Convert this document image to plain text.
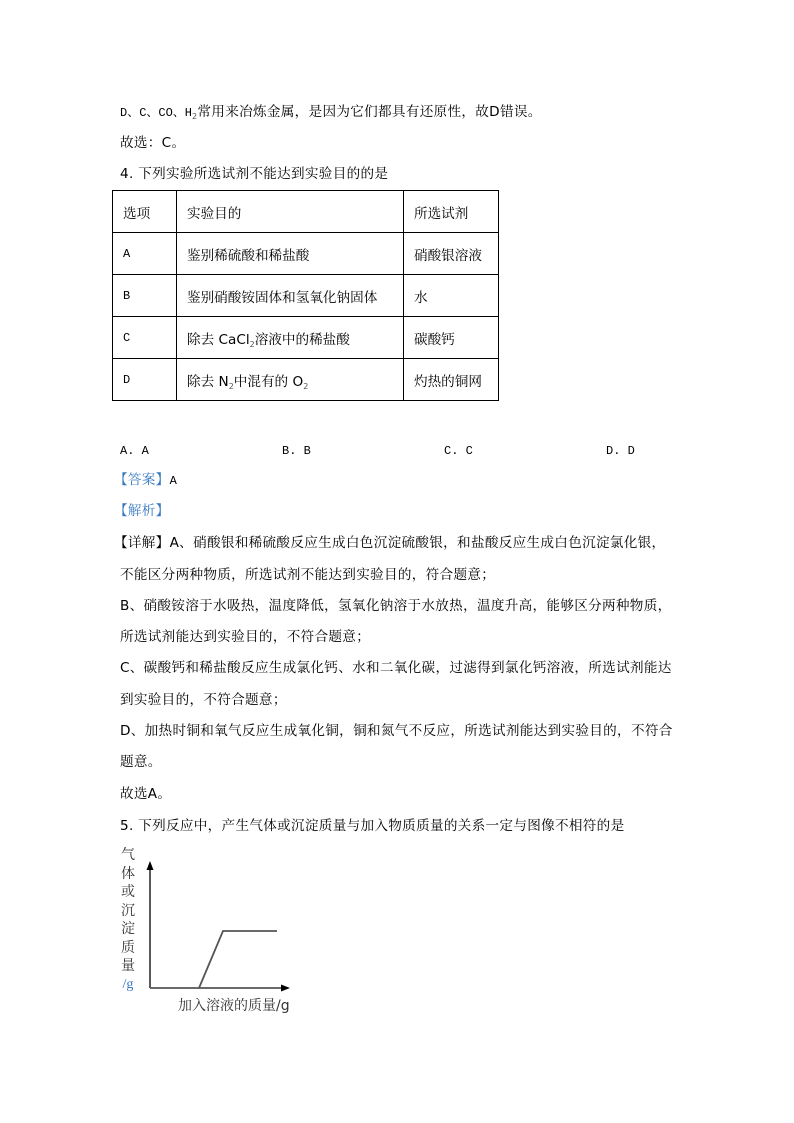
D、C、CO、$H_2$常用来冶炼金属，是因为它们都具有还原性，故D错误。
故选：C。
4. 下列实验所选试剂不能达到实验目的的是
选项	实验目的	所选试剂
A	鉴别稀硫酸和稀盐酸	硝酸银溶液
B	鉴别硝酸铵固体和氢氧化钠固体	水
C	除去 CaCl$_2$溶液中的稀盐酸	碳酸钙
D	除去 $N_2$中混有的 $O_2$	灼热的铜网
A. A	B. B	C. C	D. D
【答案】A
【解析】
【详解】A、硝酸银和稀硫酸反应生成白色沉淀硫酸银，和盐酸反应生成白色沉淀氯化银，
不能区分两种物质，所选试剂不能达到实验目的，符合题意；
B、硝酸铵溶于水吸热，温度降低，氢氧化钠溶于水放热，温度升高，能够区分两种物质，
所选试剂能达到实验目的，不符合题意；
C、碳酸钙和稀盐酸反应生成氯化钙、水和二氧化碳，过滤得到氯化钙溶液，所选试剂能达
到实验目的，不符合题意；
D、加热时铜和氧气反应生成氧化铜，铜和氮气不反应，所选试剂能达到实验目的，不符合
题意。
故选A。
5. 下列反应中，产生气体或沉淀质量与加入物质质量的关系一定与图像不相符的是
气
体
或
沉
淀
质
量
/g
加入溶液的质量/g
